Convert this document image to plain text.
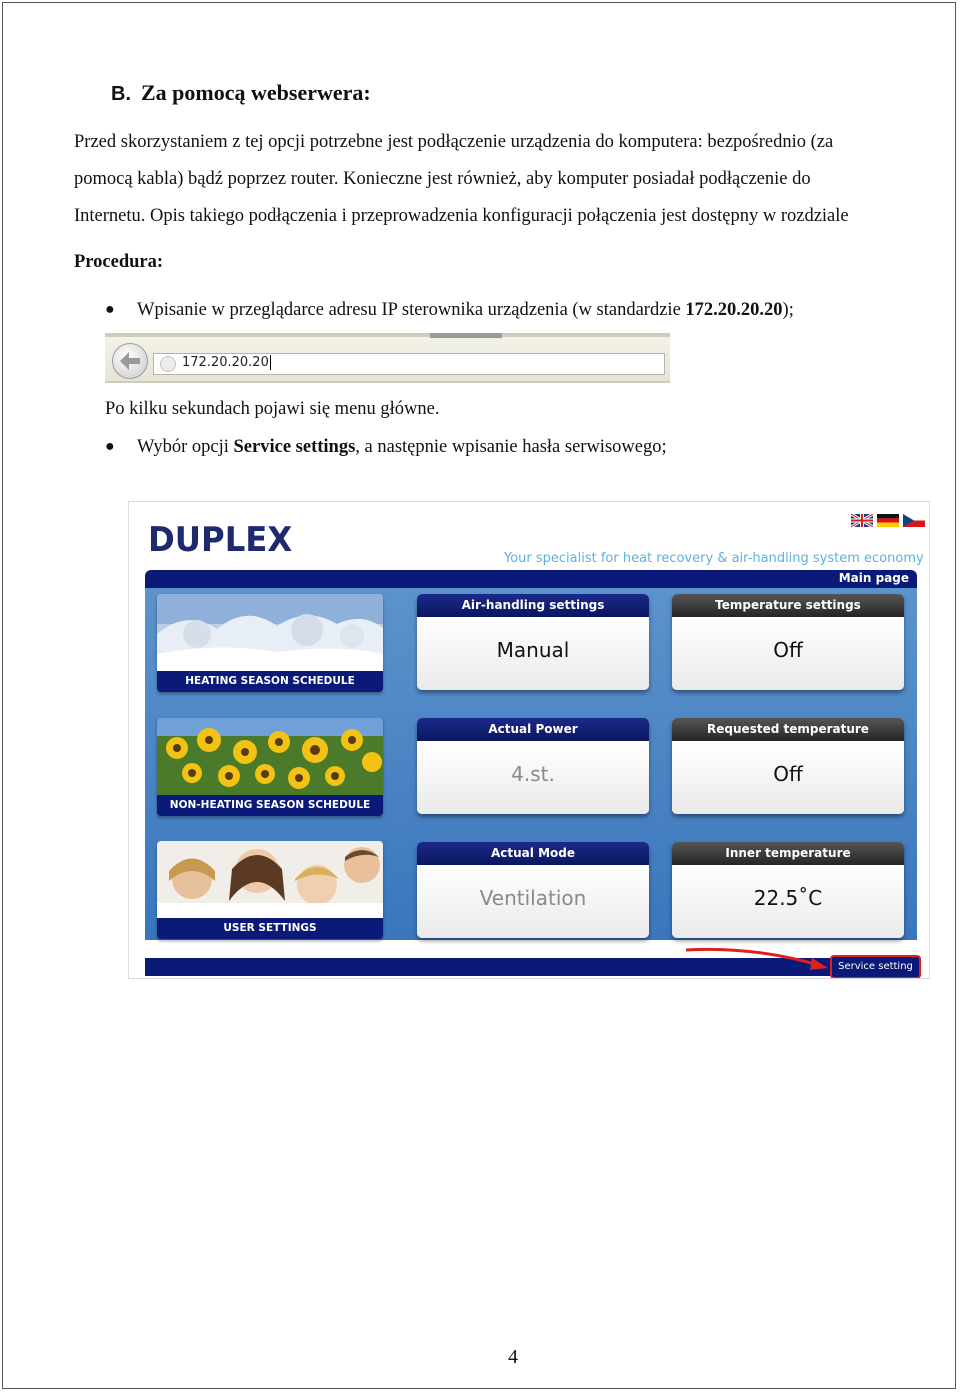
B. Za pomocą webserwera:
Przed skorzystaniem z tej opcji potrzebne jest podłączenie urządzenia do komputera: bezpośrednio (za
pomocą kabla) bądź poprzez router. Konieczne jest również, aby komputer posiadał podłączenie do
Internetu. Opis takiego podłączenia i przeprowadzenia konfiguracji połączenia jest dostępny w rozdziale
Procedura:
● Wpisanie w przeglądarce adresu IP sterownika urządzenia (w standardzie 172.20.20.20);
172.20.20.20
Po kilku sekundach pojawi się menu główne.
● Wybór opcji Service settings, a następnie wpisanie hasła serwisowego;
DUPLEX	Your specialist for heat recovery & air-handling system economy
Main page
HEATING SEASON SCHEDULE
NON-HEATING SEASON SCHEDULE
USER SETTINGS
Air-handling settings
Manual
Temperature settings
Off
Actual Power
4.st.
Requested temperature
Off
Actual Mode
Ventilation
Inner temperature
22.5˚C
Service setting
4
